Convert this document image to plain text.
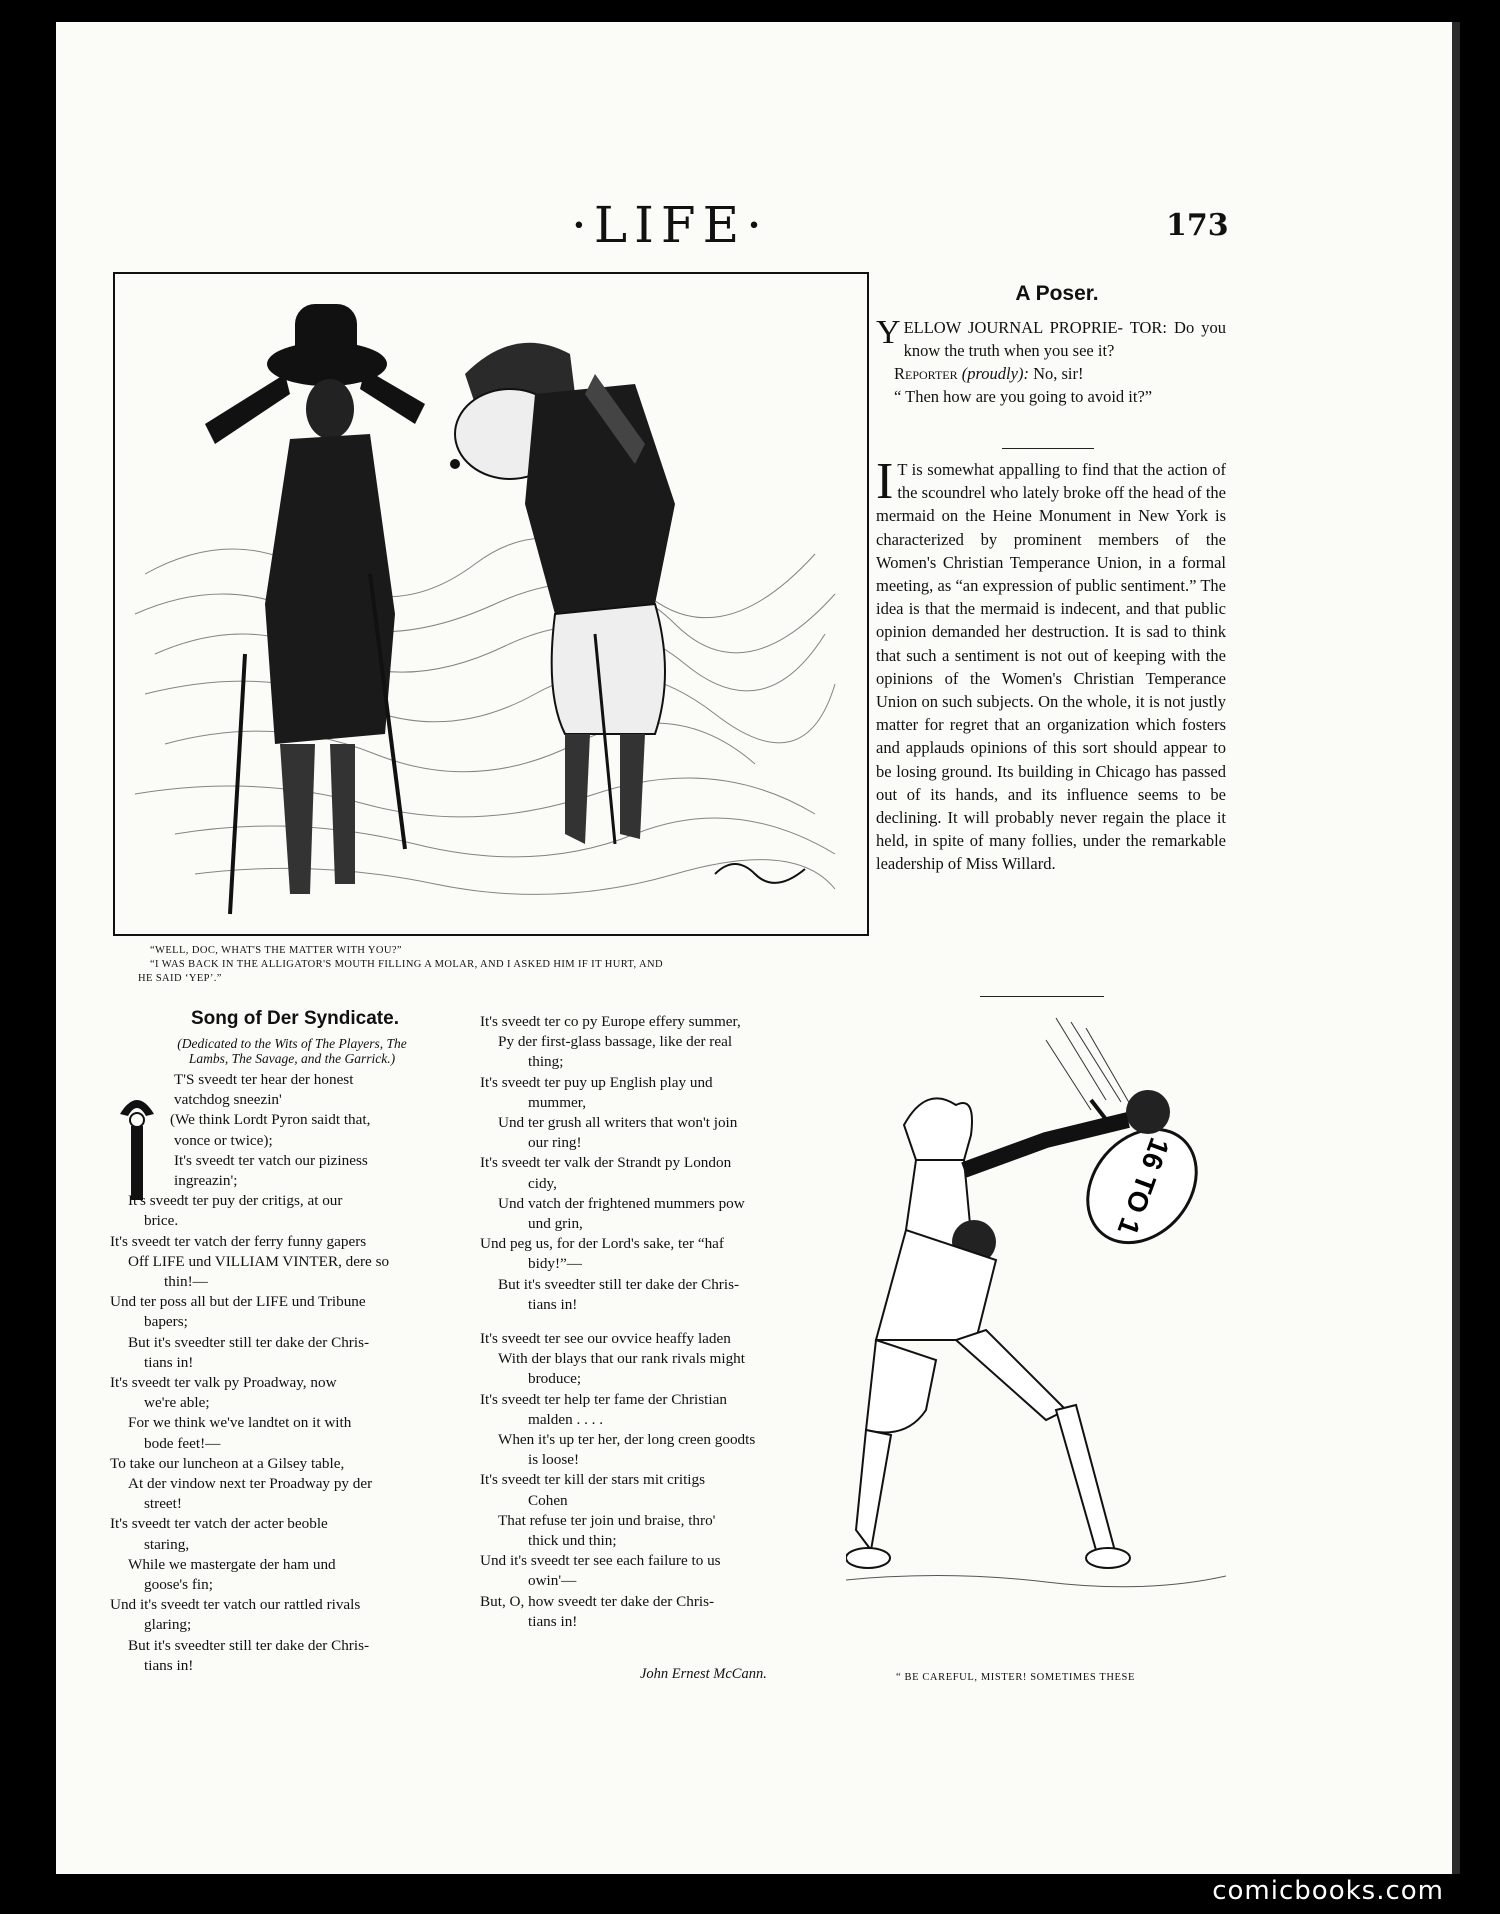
·LIFE·	173
“WELL, DOC, WHAT'S THE MATTER WITH YOU?”
“I WAS BACK IN THE ALLIGATOR'S MOUTH FILLING A MOLAR, AND I ASKED HIM IF IT HURT, AND
HE SAID ‘YEP’.”
A Poser.

YELLOW JOURNAL PROPRIE- TOR: Do you know the truth when you see it?

Reporter (proudly): No, sir!

“ Then how are you going to avoid it?”

I T is somewhat appalling to find that the action of the scoundrel who lately broke off the head of the mermaid on the Heine Monument in New York is characterized by prominent members of the Women's Christian Temperance Union, in a formal meeting, as “an expression of public sentiment.” The idea is that the mermaid is indecent, and that public opinion demanded her destruction. It is sad to think that such a sentiment is not out of keeping with the opinions of the Women's Christian Temperance Union on such subjects. On the whole, it is not justly matter for regret that an organization which fosters and applauds opinions of this sort should appear to be losing ground. Its building in Chicago has passed out of its hands, and its influence seems to be declining. It will probably never regain the place it held, in spite of many follies, under the remarkable leadership of Miss Willard.
Song of Der Syndicate.
(Dedicated to the Wits of The Players, The
Lambs, The Savage, and the Garrick.)
T'S sveedt ter hear der honest
vatchdog sneezin'
(We think Lordt Pyron saidt that,
vonce or twice);
It's sveedt ter vatch our piziness
ingreazin';
It's sveedt ter puy der critigs, at our
brice.
It's sveedt ter vatch der ferry funny gapers
Off LIFE und VILLIAM VINTER, dere so
thin!—
Und ter poss all but der LIFE und Tribune
bapers;
But it's sveedter still ter dake der Chris-
tians in!
It's sveedt ter valk py Proadway, now
we're able;
For we think we've landtet on it with
bode feet!—
To take our luncheon at a Gilsey table,
At der vindow next ter Proadway py der
street!
It's sveedt ter vatch der acter beoble
staring,
While we mastergate der ham und
goose's fin;
Und it's sveedt ter vatch our rattled rivals
glaring;
But it's sveedter still ter dake der Chris-
tians in!
It's sveedt ter co py Europe effery summer,
Py der first-glass bassage, like der real
thing;
It's sveedt ter puy up English play und
mummer,
Und ter grush all writers that won't join
our ring!
It's sveedt ter valk der Strandt py London
cidy,
Und vatch der frightened mummers pow
und grin,
Und peg us, for der Lord's sake, ter “haf
bidy!”—
But it's sveedter still ter dake der Chris-
tians in!
It's sveedt ter see our ovvice heaffy laden
With der blays that our rank rivals might
broduce;
It's sveedt ter help ter fame der Christian
malden . . . .
When it's up ter her, der long creen goodts
is loose!
It's sveedt ter kill der stars mit critigs
Cohen
That refuse ter join und braise, thro'
thick und thin;
Und it's sveedt ter see each failure to us
owin'—
But, O, how sveedt ter dake der Chris-
tians in!
John Ernest McCann.
16 TO 1
“ BE CAREFUL, MISTER! SOMETIMES THESE
comicbooks.com
